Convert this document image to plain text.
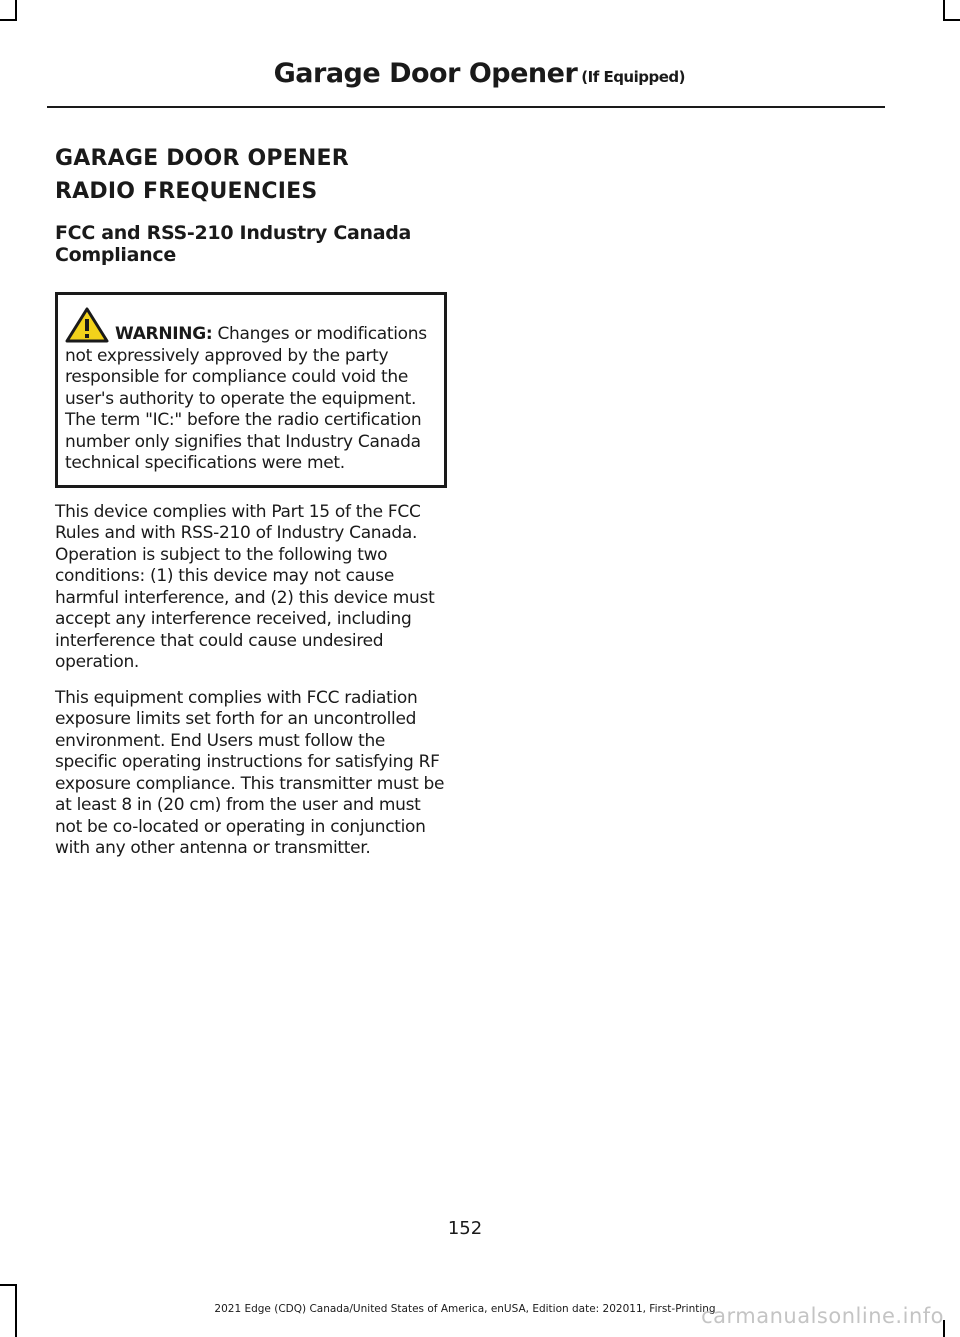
Garage Door Opener (If Equipped)
GARAGE DOOR OPENER
RADIO FREQUENCIES
FCC and RSS-210 Industry Canada Compliance
WARNING: Changes or modifications not expressively approved by the party responsible for compliance could void the user's authority to operate the equipment. The term "IC:" before the radio certification number only signifies that Industry Canada technical specifications were met.

This device complies with Part 15 of the FCC Rules and with RSS-210 of Industry Canada. Operation is subject to the following two conditions: (1) this device may not cause harmful interference, and (2) this device must accept any interference received, including interference that could cause undesired operation.

This equipment complies with FCC radiation exposure limits set forth for an uncontrolled environment. End Users must follow the specific operating instructions for satisfying RF exposure compliance. This transmitter must be at least 8 in (20 cm) from the user and must not be co-located or operating in conjunction with any other antenna or transmitter.

152
2021 Edge (CDQ) Canada/United States of America, enUSA, Edition date: 202011, First-Printing
carmanualsonline.info
